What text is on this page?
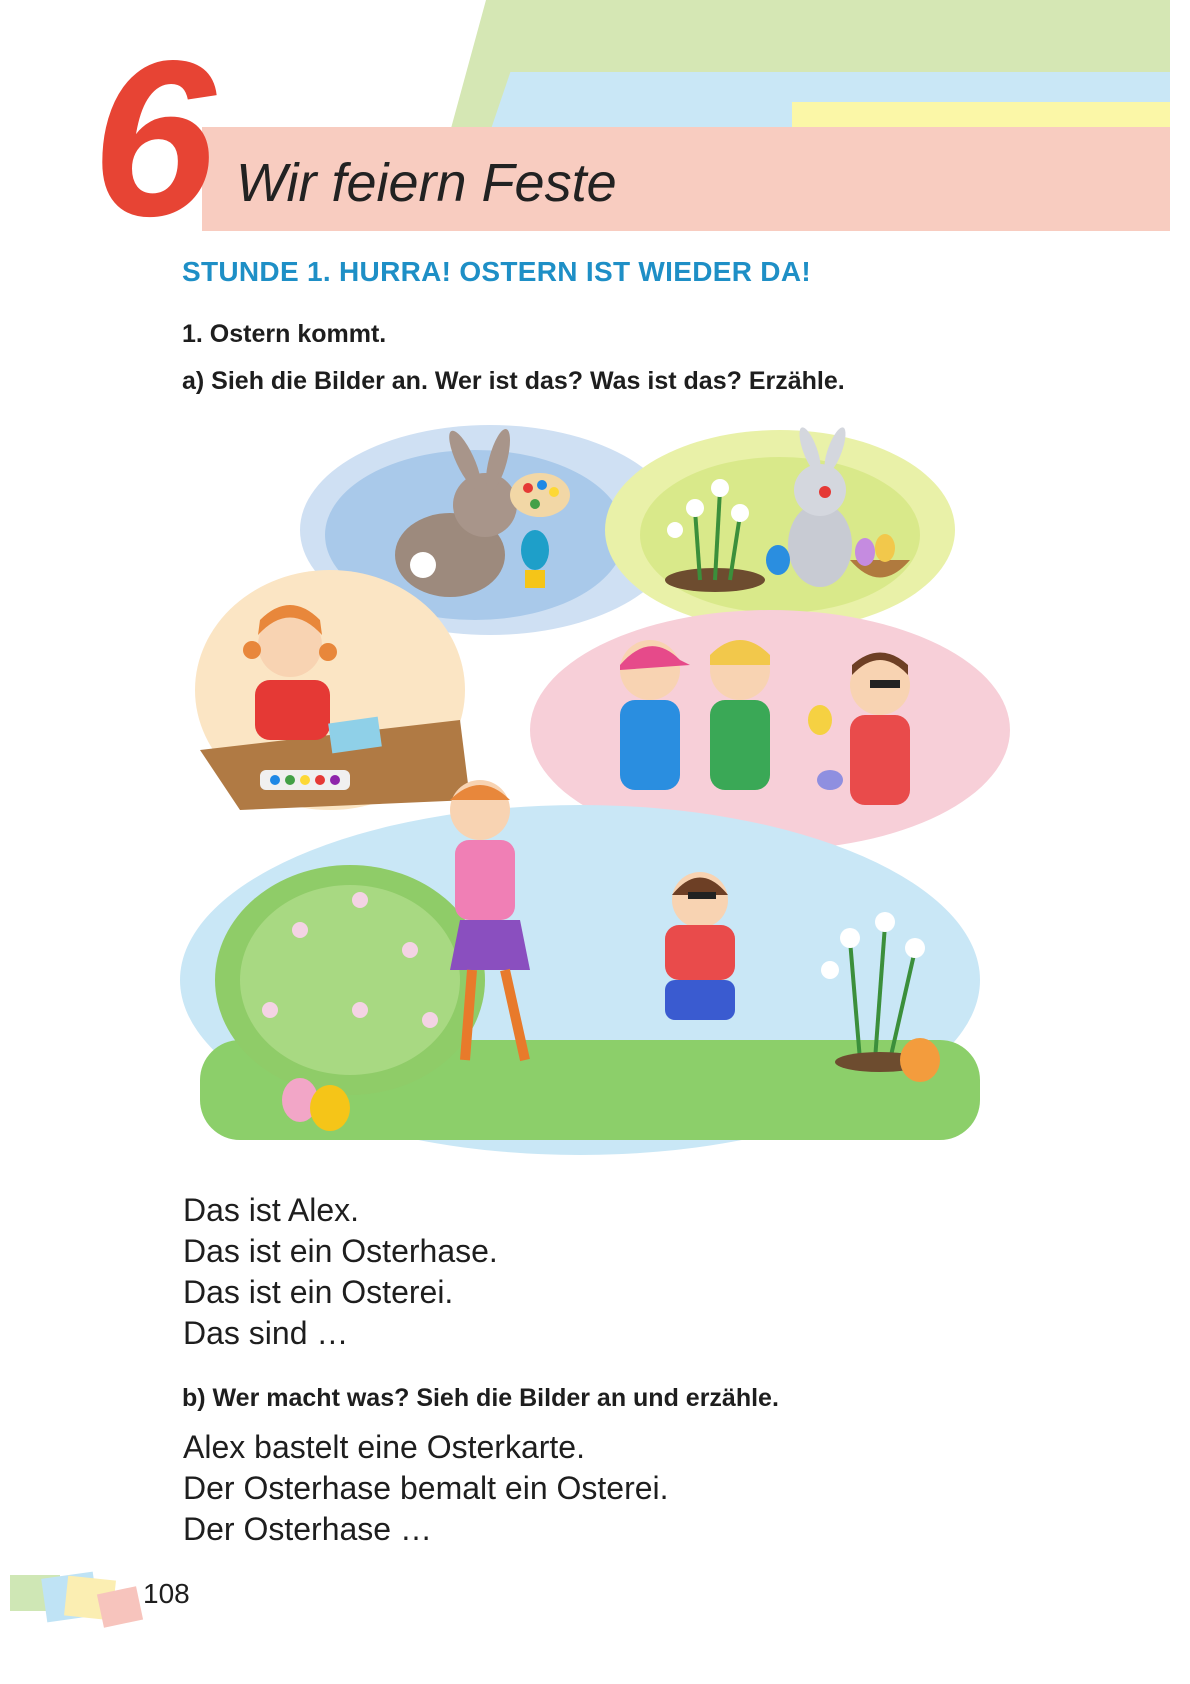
6 Wir feiern Feste
STUNDE 1. HURRA! OSTERN IST WIEDER DA!
1. Ostern kommt.
a) Sieh die Bilder an. Wer ist das? Was ist das? Erzähle.
Das ist Alex.
Das ist ein Osterhase.
Das ist ein Osterei.
Das sind …
b) Wer macht was? Sieh die Bilder an und erzähle.
Alex bastelt eine Osterkarte.
Der Osterhase bemalt ein Osterei.
Der Osterhase …
108
